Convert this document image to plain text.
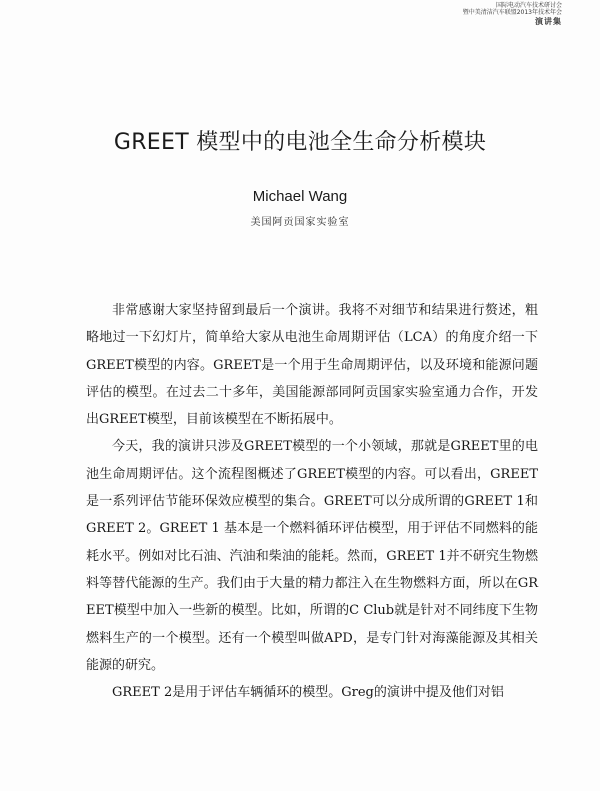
国际电动汽车技术研讨会
暨中美清洁汽车联盟2013年技术年会
演讲集
GREET 模型中的电池全生命分析模块
Michael Wang
美国阿贡国家实验室

非常感谢大家坚持留到最后一个演讲。我将不对细节和结果进行赘述，粗略地过一下幻灯片，简单给大家从电池生命周期评估（LCA）的角度介绍一下GREET模型的内容。GREET是一个用于生命周期评估，以及环境和能源问题评估的模型。在过去二十多年，美国能源部同阿贡国家实验室通力合作，开发出GREET模型，目前该模型在不断拓展中。

今天，我的演讲只涉及GREET模型的一个小领域，那就是GREET里的电池生命周期评估。这个流程图概述了GREET模型的内容。可以看出，GREET是一系列评估节能环保效应模型的集合。GREET可以分成所谓的GREET 1和GREET 2。GREET 1 基本是一个燃料循环评估模型，用于评估不同燃料的能耗水平。例如对比石油、汽油和柴油的能耗。然而，GREET 1并不研究生物燃料等替代能源的生产。我们由于大量的精力都注入在生物燃料方面，所以在GREET模型中加入一些新的模型。比如，所谓的C Club就是针对不同纬度下生物燃料生产的一个模型。还有一个模型叫做APD，是专门针对海藻能源及其相关能源的研究。

GREET 2是用于评估车辆循环的模型。Greg的演讲中提及他们对铝
